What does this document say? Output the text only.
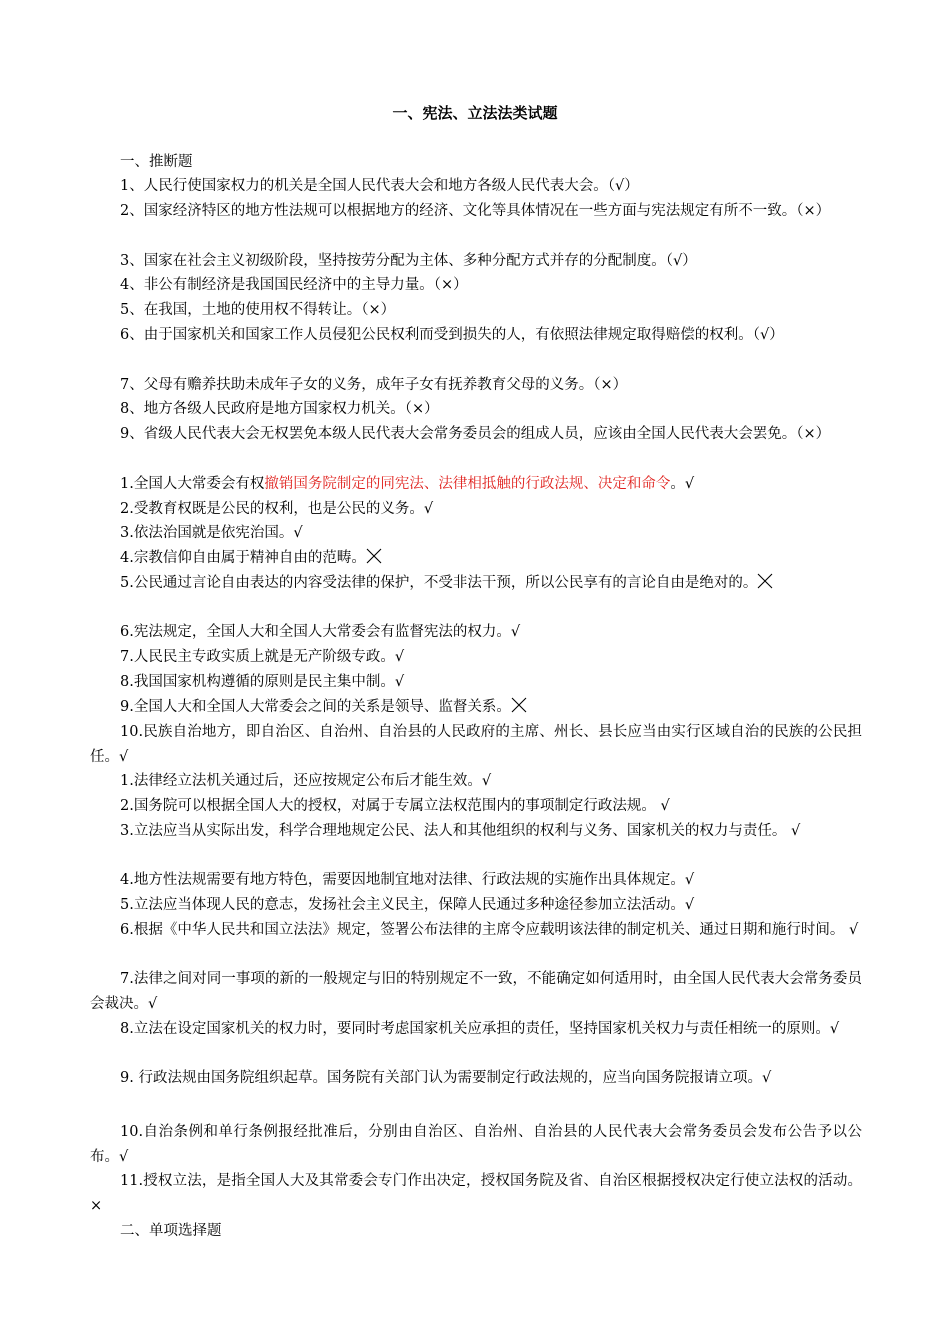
一、宪法、立法法类试题
一、推断题
1、人民行使国家权力的机关是全国人民代表大会和地方各级人民代表大会。（√）
2、国家经济特区的地方性法规可以根据地方的经济、文化等具体情况在一些方面与宪法规定有所不一致。（×）
3、国家在社会主义初级阶段，坚持按劳分配为主体、多种分配方式并存的分配制度。（√）
4、非公有制经济是我国国民经济中的主导力量。（×）
5、在我国，土地的使用权不得转让。（×）
6、由于国家机关和国家工作人员侵犯公民权利而受到损失的人，有依照法律规定取得赔偿的权利。（√）
7、父母有赡养扶助未成年子女的义务，成年子女有抚养教育父母的义务。（×）
8、地方各级人民政府是地方国家权力机关。（×）
9、省级人民代表大会无权罢免本级人民代表大会常务委员会的组成人员，应该由全国人民代表大会罢免。（×）
1.全国人大常委会有权撤销国务院制定的同宪法、法律相抵触的行政法规、决定和命令。√
2.受教育权既是公民的权利，也是公民的义务。√
3.依法治国就是依宪治国。√
4.宗教信仰自由属于精神自由的范畴。
5.公民通过言论自由表达的内容受法律的保护，不受非法干预，所以公民享有的言论自由是绝对的。
6.宪法规定，全国人大和全国人大常委会有监督宪法的权力。√
7.人民民主专政实质上就是无产阶级专政。√
8.我国国家机构遵循的原则是民主集中制。√
9.全国人大和全国人大常委会之间的关系是领导、监督关系。
10.民族自治地方，即自治区、自治州、自治县的人民政府的主席、州长、县长应当由实行区域自治的民族的公民担任。√
1.法律经立法机关通过后，还应按规定公布后才能生效。√
2.国务院可以根据全国人大的授权，对属于专属立法权范围内的事项制定行政法规。 √
3.立法应当从实际出发，科学合理地规定公民、法人和其他组织的权利与义务、国家机关的权力与责任。 √
4.地方性法规需要有地方特色，需要因地制宜地对法律、行政法规的实施作出具体规定。√
5.立法应当体现人民的意志，发扬社会主义民主，保障人民通过多种途径参加立法活动。√
6.根据《中华人民共和国立法法》规定，签署公布法律的主席令应载明该法律的制定机关、通过日期和施行时间。 √
7.法律之间对同一事项的新的一般规定与旧的特别规定不一致，不能确定如何适用时，由全国人民代表大会常务委员会裁决。√
8.立法在设定国家机关的权力时，要同时考虑国家机关应承担的责任，坚持国家机关权力与责任相统一的原则。√
9. 行政法规由国务院组织起草。国务院有关部门认为需要制定行政法规的，应当向国务院报请立项。√
10.自治条例和单行条例报经批准后，分别由自治区、自治州、自治县的人民代表大会常务委员会发布公告予以公布。√
11.授权立法，是指全国人大及其常委会专门作出决定，授权国务院及省、自治区根据授权决定行使立法权的活动。×
二、单项选择题
